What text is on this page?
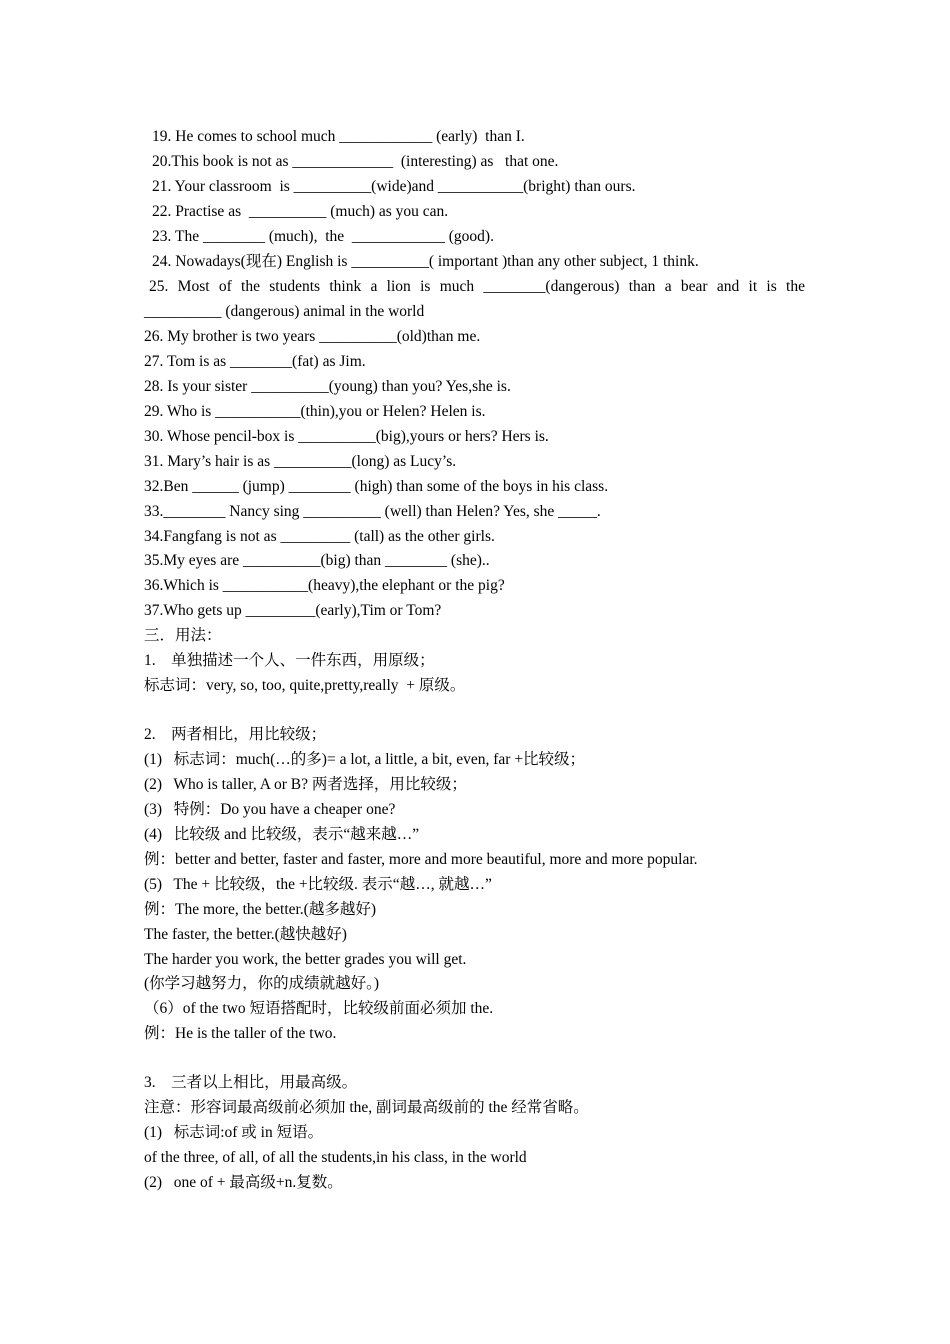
19. He comes to school much ____________ (early)  than I.
20.This book is not as _____________  (interesting) as   that one.
21. Your classroom  is __________(wide)and ___________(bright) than ours.
22. Practise as  __________ (much) as you can.
23. The ________ (much),  the  ____________ (good).
24. Nowadays(现在) English is __________( important )than any other subject, 1 think.
25. Most of the students think a lion is much ________(dangerous) than a bear and it is the
__________ (dangerous) animal in the world
26. My brother is two years __________(old)than me.
27. Tom is as ________(fat) as Jim.
28. Is your sister __________(young) than you? Yes,she is.
29. Who is ___________(thin),you or Helen? Helen is.
30. Whose pencil-box is __________(big),yours or hers? Hers is.
31. Mary’s hair is as __________(long) as Lucy’s.
32.Ben ______ (jump) ________ (high) than some of the boys in his class.
33.________ Nancy sing __________ (well) than Helen? Yes, she _____.
34.Fangfang is not as _________ (tall) as the other girls.
35.My eyes are __________(big) than ________ (she)..
36.Which is ___________(heavy),the elephant or the pig?
37.Who gets up _________(early),Tim or Tom?
三．用法：
1.    单独描述一个人、一件东西，用原级；
标志词：very, so, too, quite,pretty,really  + 原级。
2.    两者相比，用比较级；
(1)   标志词：much(…的多)= a lot, a little, a bit, even, far +比较级；
(2)   Who is taller, A or B? 两者选择，用比较级；
(3)   特例：Do you have a cheaper one?
(4)   比较级 and 比较级，表示“越来越…”
例：better and better, faster and faster, more and more beautiful, more and more popular.
(5)   The + 比较级，the +比较级. 表示“越…, 就越…”
例：The more, the better.(越多越好)
The faster, the better.(越快越好)
The harder you work, the better grades you will get.
(你学习越努力，你的成绩就越好。)
（6）of the two 短语搭配时，比较级前面必须加 the.
例：He is the taller of the two.
3.    三者以上相比，用最高级。
注意：形容词最高级前必须加 the, 副词最高级前的 the 经常省略。
(1)   标志词:of 或 in 短语。
of the three, of all, of all the students,in his class, in the world
(2)   one of + 最高级+n.复数。
